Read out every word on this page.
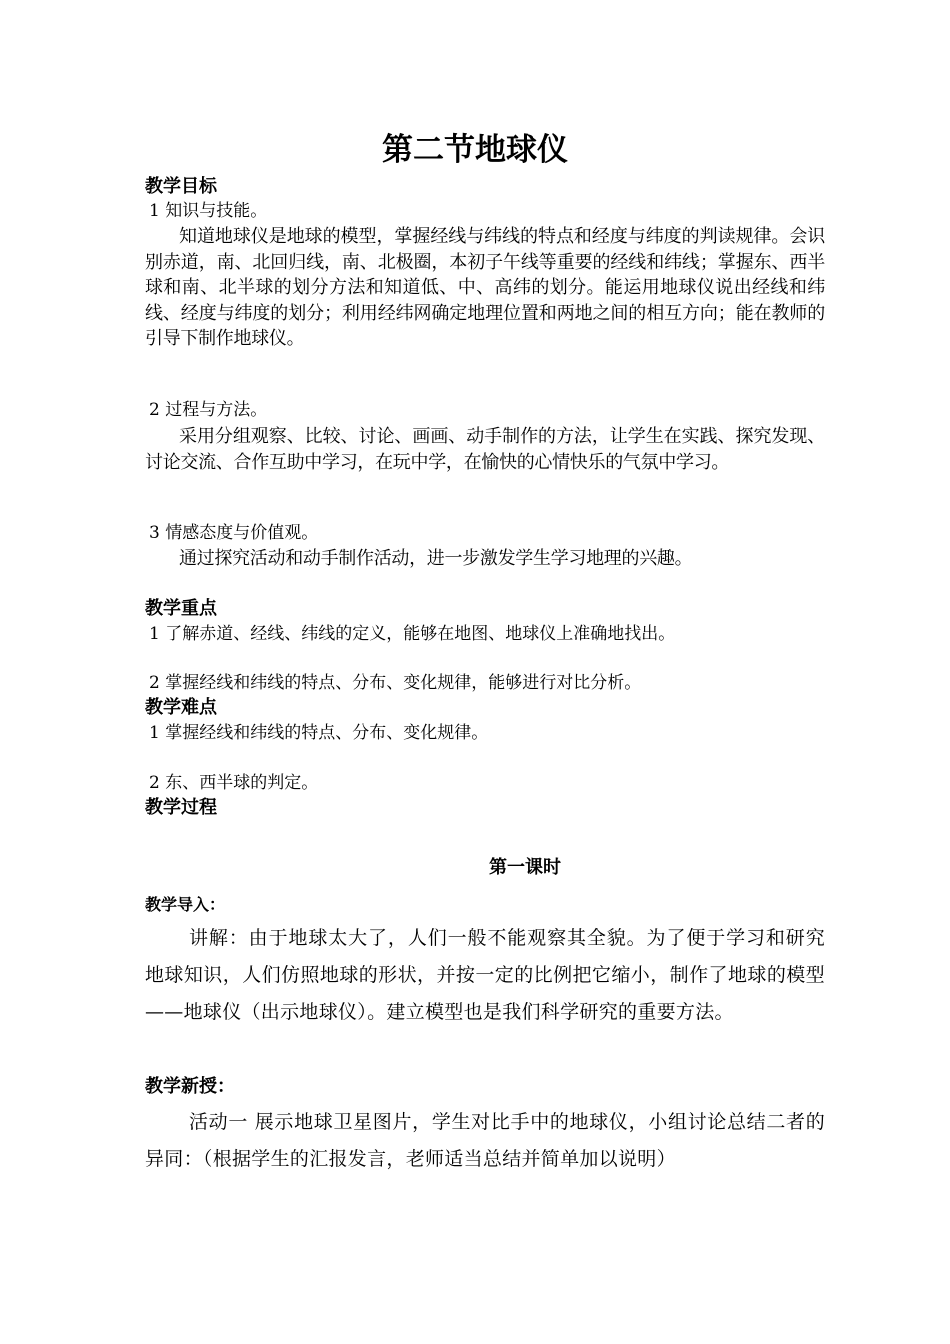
第二节地球仪
教学目标
1 知识与技能。

知道地球仪是地球的模型，掌握经线与纬线的特点和经度与纬度的判读规律。会识别赤道，南、北回归线，南、北极圈，本初子午线等重要的经线和纬线；掌握东、西半球和南、北半球的划分方法和知道低、中、高纬的划分。能运用地球仪说出经线和纬线、经度与纬度的划分；利用经纬网确定地理位置和两地之间的相互方向；能在教师的引导下制作地球仪。

2 过程与方法。

采用分组观察、比较、讨论、画画、动手制作的方法，让学生在实践、探究发现、讨论交流、合作互助中学习，在玩中学，在愉快的心情快乐的气氛中学习。

3 情感态度与价值观。

通过探究活动和动手制作活动，进一步激发学生学习地理的兴趣。

教学重点
1 了解赤道、经线、纬线的定义，能够在地图、地球仪上准确地找出。
2 掌握经线和纬线的特点、分布、变化规律，能够进行对比分析。
教学难点
1 掌握经线和纬线的特点、分布、变化规律。
2 东、西半球的判定。
教学过程
第一课时
教学导入：

讲解：由于地球太大了，人们一般不能观察其全貌。为了便于学习和研究地球知识，人们仿照地球的形状，并按一定的比例把它缩小，制作了地球的模型——地球仪（出示地球仪）。建立模型也是我们科学研究的重要方法。

教学新授：

活动一 展示地球卫星图片，学生对比手中的地球仪，小组讨论总结二者的异同：（根据学生的汇报发言，老师适当总结并简单加以说明）
